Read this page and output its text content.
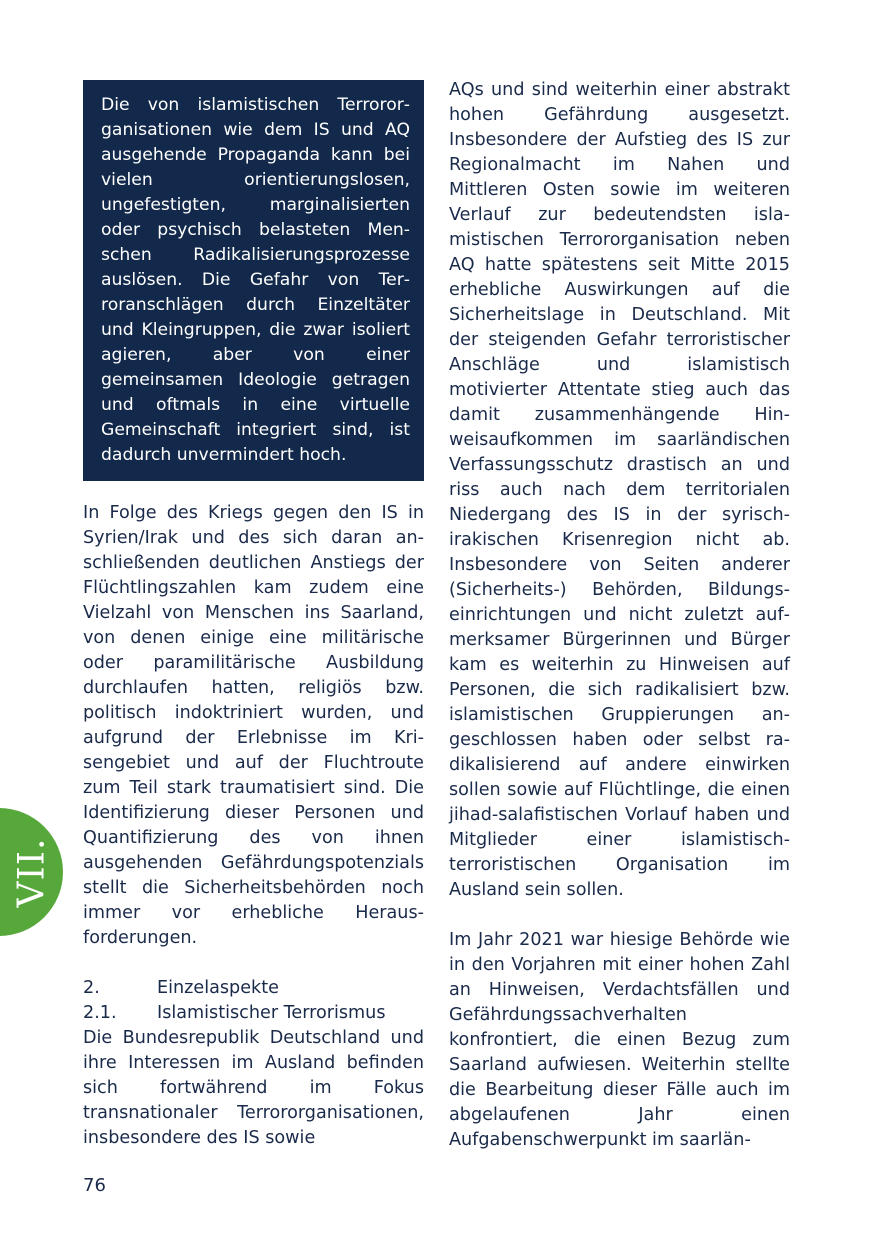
VII.

Die von islamistischen Terrororganisationen wie dem IS und AQ ausgehende Propaganda kann bei vielen orientierungslosen, ungefestigten, marginalisierten oder psychisch belasteten Menschen Radikalisierungsprozesse auslösen. Die Gefahr von Terroranschlägen durch Einzeltäter und Kleingruppen, die zwar isoliert agieren, aber von einer gemeinsamen Ideologie getragen und oftmals in eine virtuelle Gemeinschaft integriert sind, ist dadurch unvermindert hoch.

In Folge des Kriegs gegen den IS in Syrien/Irak und des sich daran anschließenden deutlichen Anstiegs der Flüchtlingszahlen kam zudem eine Vielzahl von Menschen ins Saarland, von denen einige eine militärische oder paramilitärische Ausbildung durchlaufen hatten, religiös bzw. politisch indoktriniert wurden, und aufgrund der Erlebnisse im Krisengebiet und auf der Fluchtroute zum Teil stark traumatisiert sind. Die Identifizierung dieser Personen und Quantifizierung des von ihnen ausgehenden Gefährdungspotenzials stellt die Sicherheitsbehörden noch immer vor erhebliche Herausforderungen.

2.	Einzelaspekte
2.1.	Islamistischer Terrorismus

Die Bundesrepublik Deutschland und ihre Interessen im Ausland befinden sich fortwährend im Fokus transnationaler Terrororganisationen, insbesondere des IS sowie

AQs und sind weiterhin einer abstrakt hohen Gefährdung ausgesetzt. Insbesondere der Aufstieg des IS zur Regionalmacht im Nahen und Mittleren Osten sowie im weiteren Verlauf zur bedeutendsten islamistischen Terrororganisation neben AQ hatte spätestens seit Mitte 2015 erhebliche Auswirkungen auf die Sicherheitslage in Deutschland. Mit der steigenden Gefahr terroristischer Anschläge und islamistisch motivierter Attentate stieg auch das damit zusammenhängende Hinweisaufkommen im saarländischen Verfassungsschutz drastisch an und riss auch nach dem territorialen Niedergang des IS in der syrisch-irakischen Krisenregion nicht ab. Insbesondere von Seiten anderer (Sicherheits-) Behörden, Bildungseinrichtungen und nicht zuletzt aufmerksamer Bürgerinnen und Bürger kam es weiterhin zu Hinweisen auf Personen, die sich radikalisiert bzw. islamistischen Gruppierungen angeschlossen haben oder selbst radikalisierend auf andere einwirken sollen sowie auf Flüchtlinge, die einen jihad-salafistischen Vorlauf haben und Mitglieder einer islamistisch-terroristischen Organisation im Ausland sein sollen.

Im Jahr 2021 war hiesige Behörde wie in den Vorjahren mit einer hohen Zahl an Hinweisen, Verdachtsfällen und Gefährdungssachverhalten konfrontiert, die einen Bezug zum Saarland aufwiesen. Weiterhin stellte die Bearbeitung dieser Fälle auch im abgelaufenen Jahr einen Aufgabenschwerpunkt im saarlän-

76
